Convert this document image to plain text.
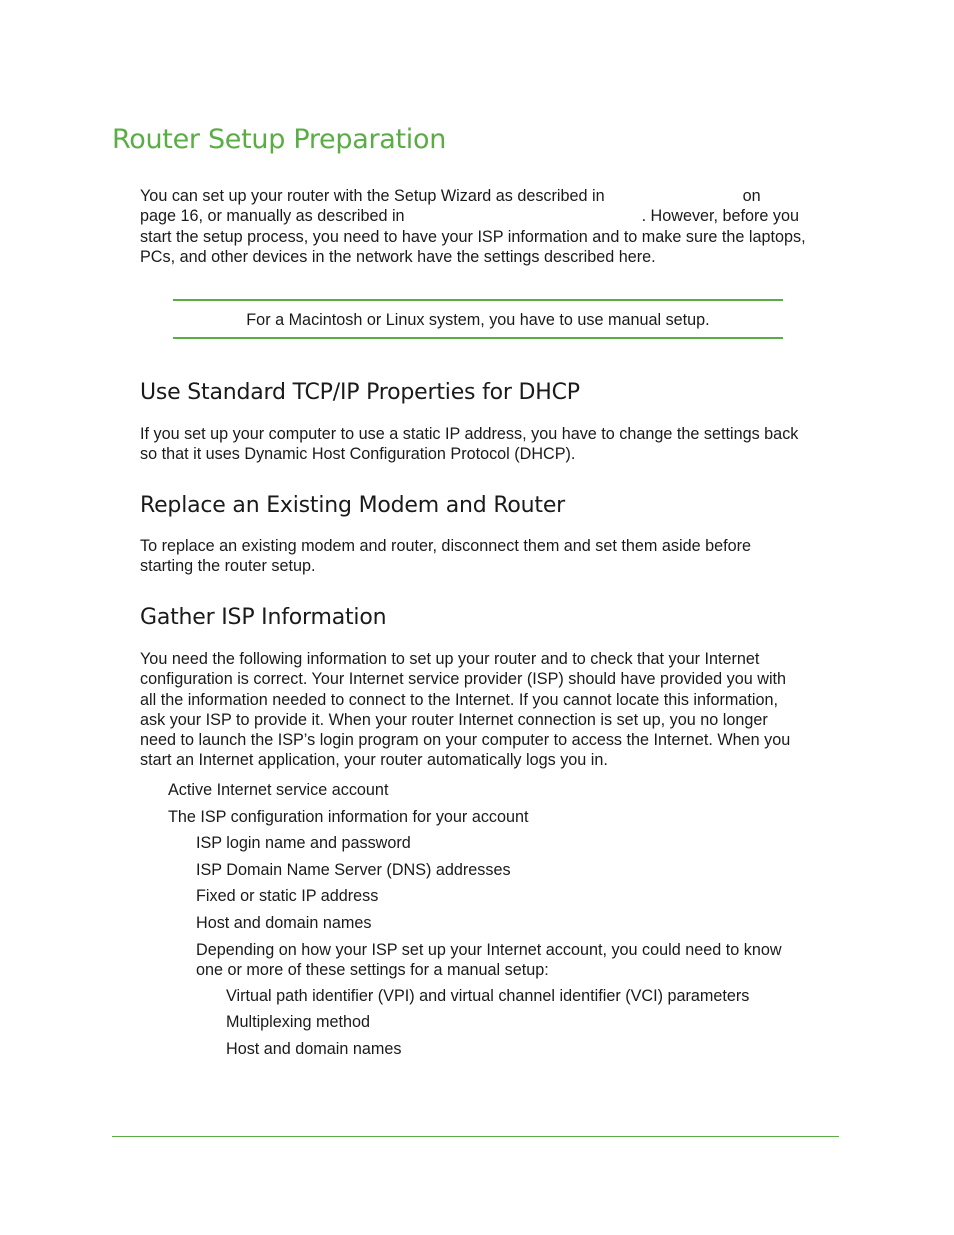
Router Setup Preparation
You can set up your router with the Setup Wizard as described in	on
page 16, or manually as described in	. However, before you
start the setup process, you need to have your ISP information and to make sure the laptops,
PCs, and other devices in the network have the settings described here.
For a Macintosh or Linux system, you have to use manual setup.
Use Standard TCP/IP Properties for DHCP
If you set up your computer to use a static IP address, you have to change the settings back
so that it uses Dynamic Host Configuration Protocol (DHCP).
Replace an Existing Modem and Router
To replace an existing modem and router, disconnect them and set them aside before
starting the router setup.
Gather ISP Information
You need the following information to set up your router and to check that your Internet
configuration is correct. Your Internet service provider (ISP) should have provided you with
all the information needed to connect to the Internet. If you cannot locate this information,
ask your ISP to provide it. When your router Internet connection is set up, you no longer
need to launch the ISP’s login program on your computer to access the Internet. When you
start an Internet application, your router automatically logs you in.

Active Internet service account

The ISP configuration information for your account

ISP login name and password

ISP Domain Name Server (DNS) addresses

Fixed or static IP address

Host and domain names

Depending on how your ISP set up your Internet account, you could need to know
one or more of these settings for a manual setup:

Virtual path identifier (VPI) and virtual channel identifier (VCI) parameters

Multiplexing method

Host and domain names
